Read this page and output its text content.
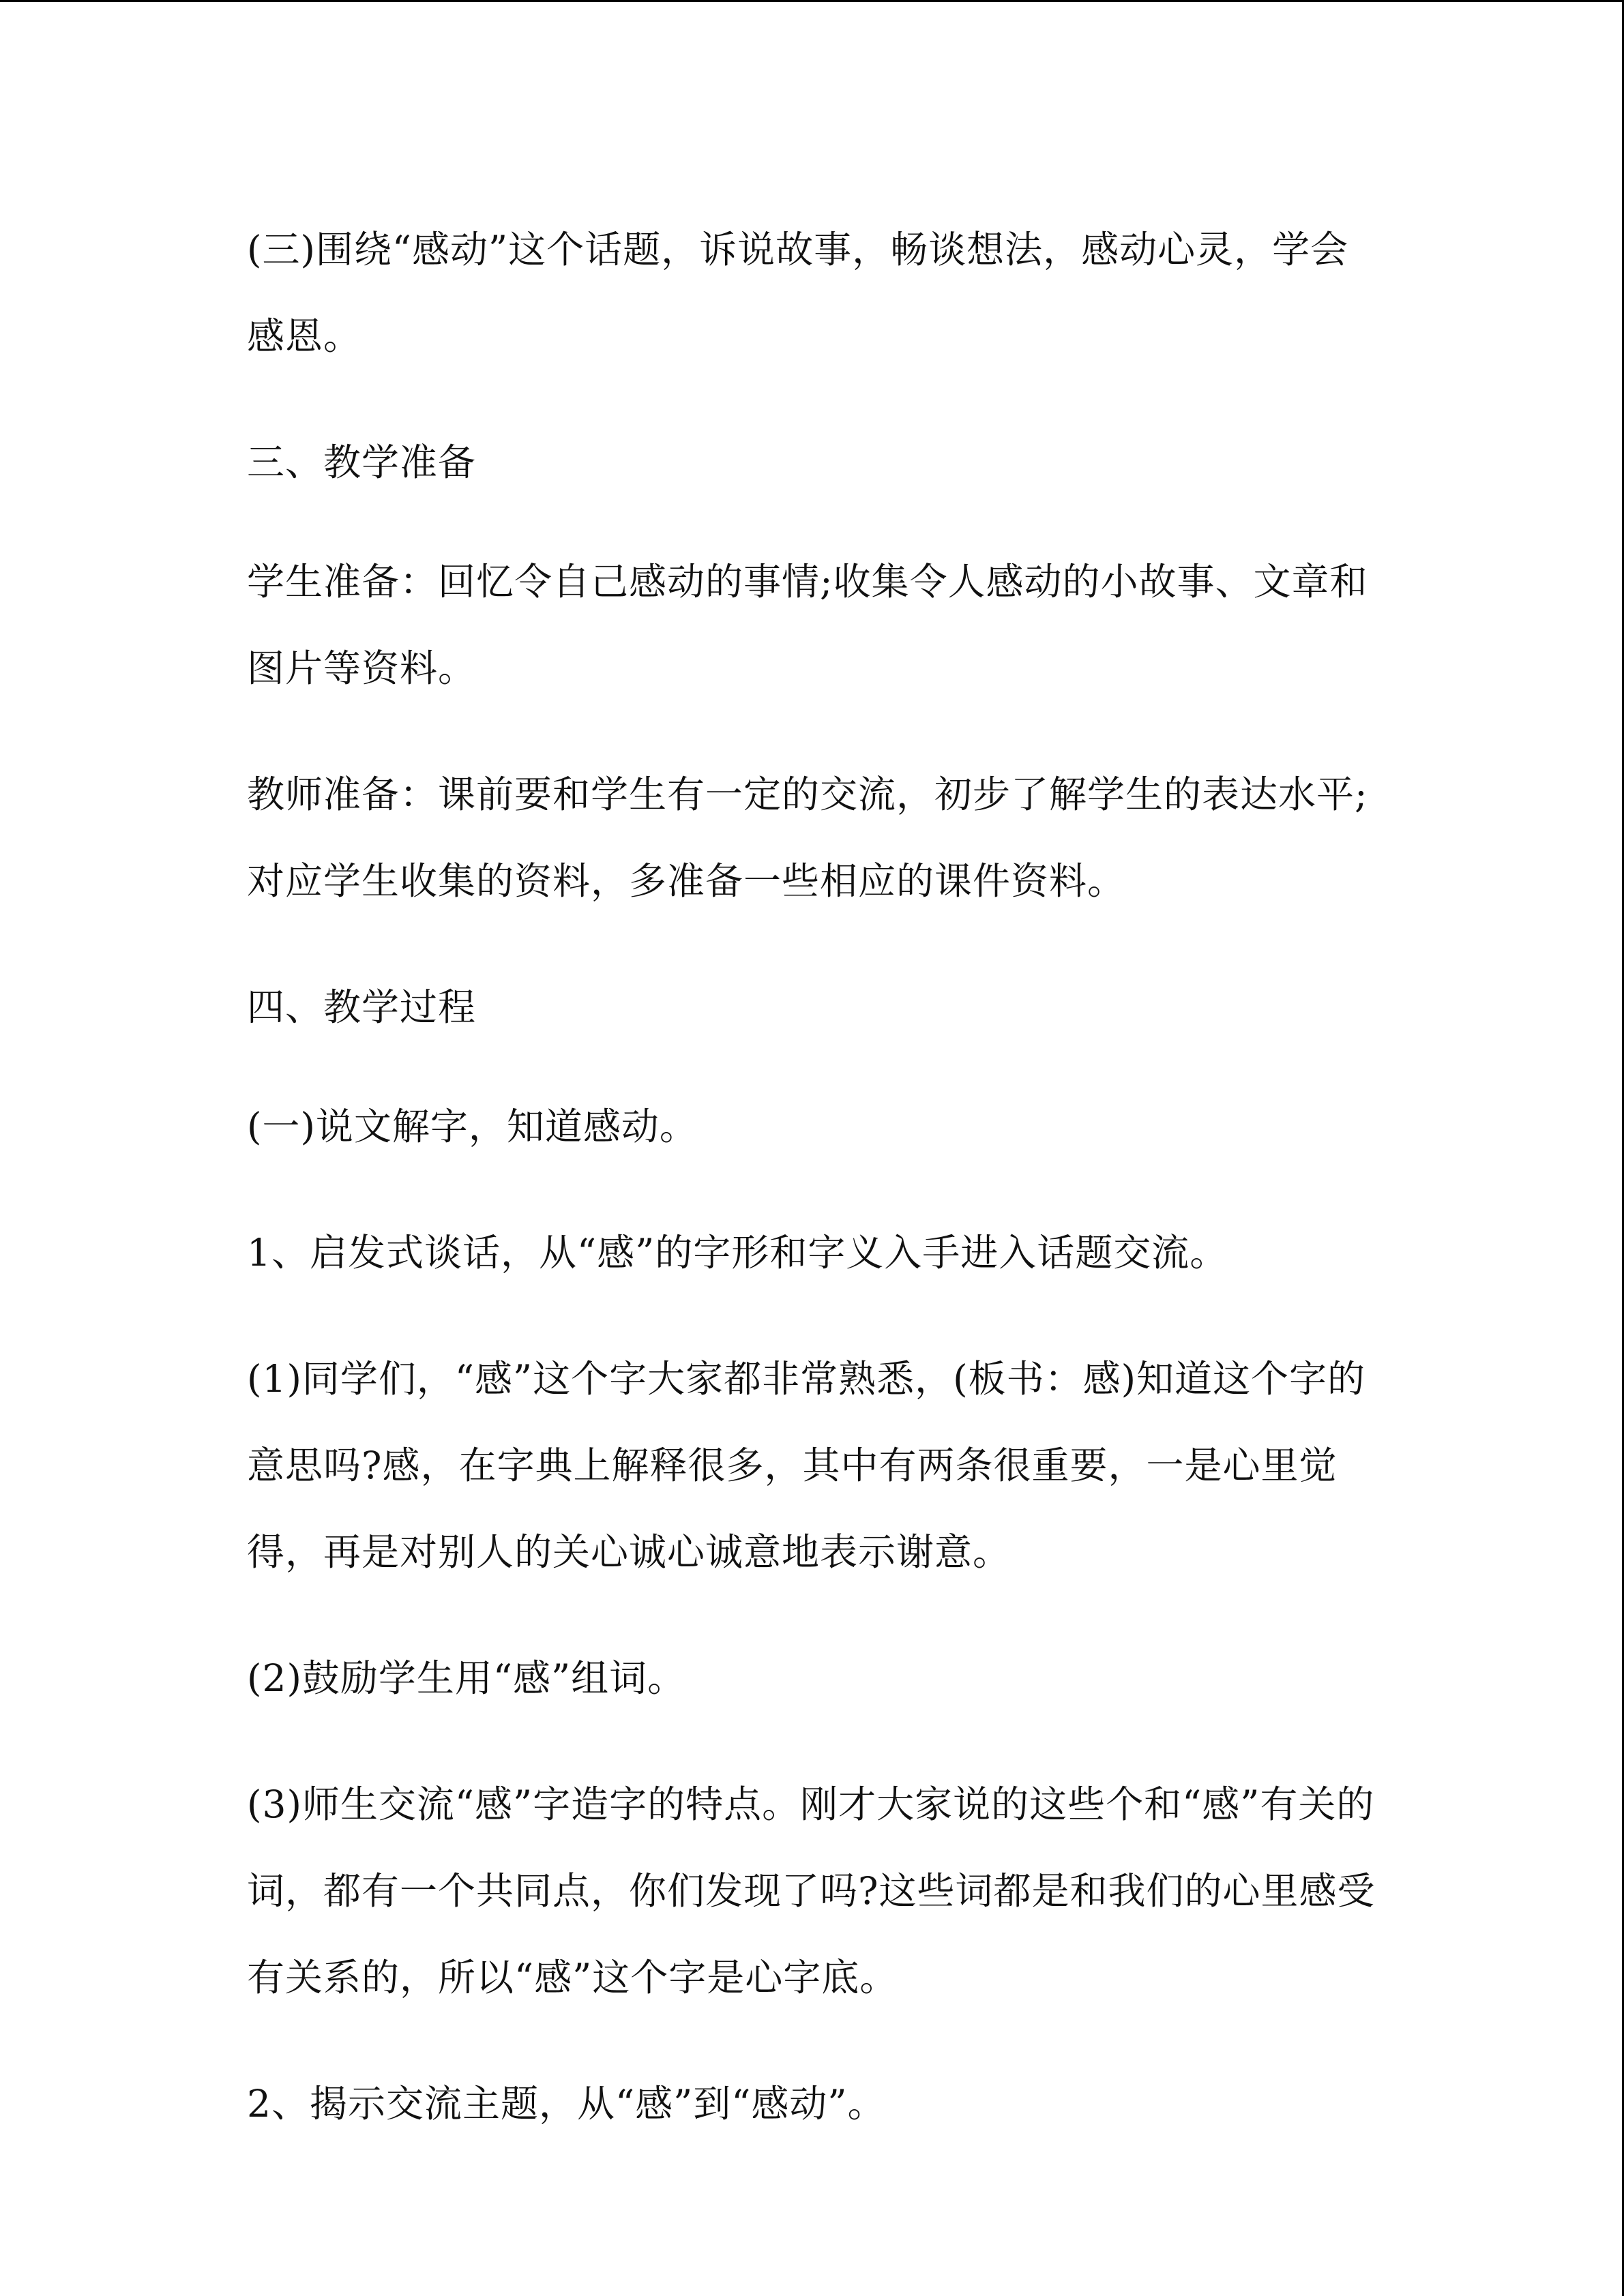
(三)围绕“感动”这个话题，诉说故事，畅谈想法，感动心灵，学会感恩。

三、教学准备

学生准备：回忆令自己感动的事情;收集令人感动的小故事、文章和图片等资料。

教师准备：课前要和学生有一定的交流，初步了解学生的表达水平;对应学生收集的资料，多准备一些相应的课件资料。

四、教学过程

(一)说文解字，知道感动。

1、启发式谈话，从“感”的字形和字义入手进入话题交流。

(1)同学们，“感”这个字大家都非常熟悉，(板书：感)知道这个字的意思吗?感，在字典上解释很多，其中有两条很重要，一是心里觉得，再是对别人的关心诚心诚意地表示谢意。

(2)鼓励学生用“感”组词。

(3)师生交流“感”字造字的特点。刚才大家说的这些个和“感”有关的词，都有一个共同点，你们发现了吗?这些词都是和我们的心里感受有关系的，所以“感”这个字是心字底。

2、揭示交流主题，从“感”到“感动”。
